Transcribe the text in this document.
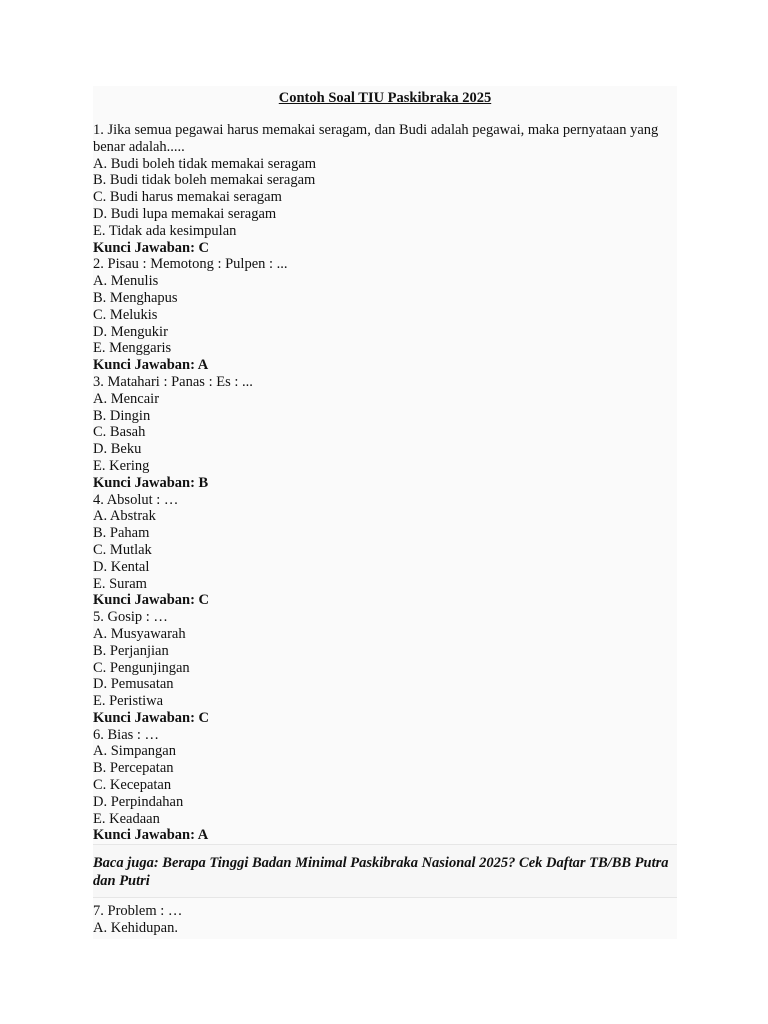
Contoh Soal TIU Paskibraka 2025
1. Jika semua pegawai harus memakai seragam, dan Budi adalah pegawai, maka pernyataan yang benar adalah.....
A. Budi boleh tidak memakai seragam
B. Budi tidak boleh memakai seragam
C. Budi harus memakai seragam
D. Budi lupa memakai seragam
E. Tidak ada kesimpulan
Kunci Jawaban: C
2. Pisau : Memotong : Pulpen : ...
A. Menulis
B. Menghapus
C. Melukis
D. Mengukir
E. Menggaris
Kunci Jawaban: A
3. Matahari : Panas : Es : ...
A. Mencair
B. Dingin
C. Basah
D. Beku
E. Kering
Kunci Jawaban: B
4. Absolut : …
A. Abstrak
B. Paham
C. Mutlak
D. Kental
E. Suram
Kunci Jawaban: C
5. Gosip : …
A. Musyawarah
B. Perjanjian
C. Pengunjingan
D. Pemusatan
E. Peristiwa
Kunci Jawaban: C
6. Bias : …
A. Simpangan
B. Percepatan
C. Kecepatan
D. Perpindahan
E. Keadaan
Kunci Jawaban: A
Baca juga: Berapa Tinggi Badan Minimal Paskibraka Nasional 2025? Cek Daftar TB/BB Putra dan Putri
7. Problem : …
A. Kehidupan.
